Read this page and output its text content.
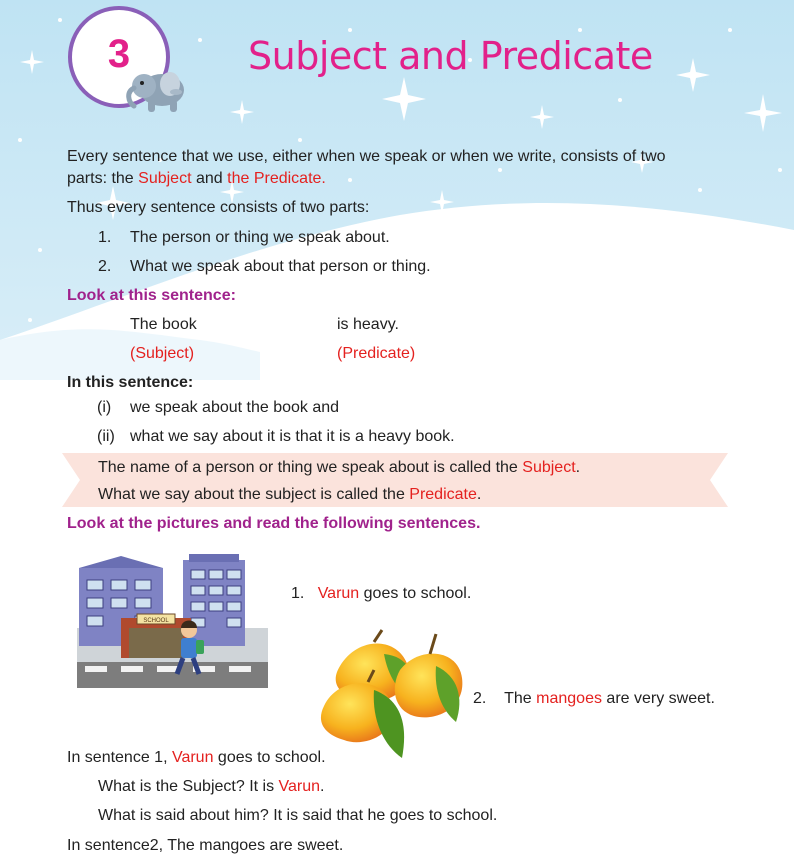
3	Subject and Predicate
Every sentence that we use, either when we speak or when we write, consists of two
parts: the Subject and the Predicate.
Thus every sentence consists of two parts:
1. The person or thing we speak about.
2. What we speak about that person or thing.
Look at this sentence:
The book	is heavy.
(Subject)	(Predicate)
In this sentence:
(i) we speak about the book and
(ii) what we say about it is that it is a heavy book.
The name of a person or thing we speak about is called the Subject.
What we say about the subject is called the Predicate.
Look at the pictures and read the following sentences.
SCHOOL
1. Varun goes to school.
2. The mangoes are very sweet.
In sentence 1, Varun goes to school.
What is the Subject? It is Varun.
What is said about him? It is said that he goes to school.
In sentence2, The mangoes are sweet.
